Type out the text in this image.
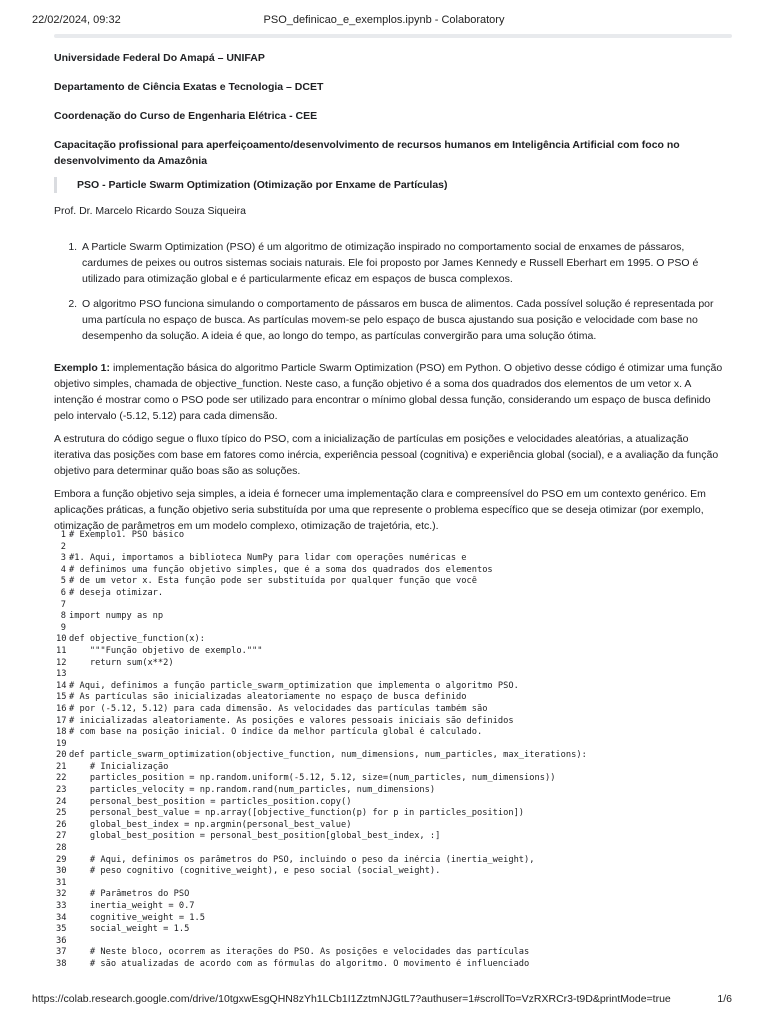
22/02/2024, 09:32	PSO_definicao_e_exemplos.ipynb - Colaboratory
Universidade Federal Do Amapá – UNIFAP
Departamento de Ciência Exatas e Tecnologia – DCET
Coordenação do Curso de Engenharia Elétrica - CEE
Capacitação profissional para aperfeiçoamento/desenvolvimento de recursos humanos em Inteligência Artificial com foco no desenvolvimento da Amazônia
PSO - Particle Swarm Optimization (Otimização por Enxame de Partículas)
Prof. Dr. Marcelo Ricardo Souza Siqueira
1. A Particle Swarm Optimization (PSO) é um algoritmo de otimização inspirado no comportamento social de enxames de pássaros, cardumes de peixes ou outros sistemas sociais naturais. Ele foi proposto por James Kennedy e Russell Eberhart em 1995. O PSO é utilizado para otimização global e é particularmente eficaz em espaços de busca complexos.
2. O algoritmo PSO funciona simulando o comportamento de pássaros em busca de alimentos. Cada possível solução é representada por uma partícula no espaço de busca. As partículas movem-se pelo espaço de busca ajustando sua posição e velocidade com base no desempenho da solução. A ideia é que, ao longo do tempo, as partículas convergirão para uma solução ótima.

Exemplo 1: implementação básica do algoritmo Particle Swarm Optimization (PSO) em Python. O objetivo desse código é otimizar uma função objetivo simples, chamada de objective_function. Neste caso, a função objetivo é a soma dos quadrados dos elementos de um vetor x. A intenção é mostrar como o PSO pode ser utilizado para encontrar o mínimo global dessa função, considerando um espaço de busca definido pelo intervalo (-5.12, 5.12) para cada dimensão.

A estrutura do código segue o fluxo típico do PSO, com a inicialização de partículas em posições e velocidades aleatórias, a atualização iterativa das posições com base em fatores como inércia, experiência pessoal (cognitiva) e experiência global (social), e a avaliação da função objetivo para determinar quão boas são as soluções.

Embora a função objetivo seja simples, a ideia é fornecer uma implementação clara e compreensível do PSO em um contexto genérico. Em aplicações práticas, a função objetivo seria substituída por uma que represente o problema específico que se deseja otimizar (por exemplo, otimização de parâmetros em um modelo complexo, otimização de trajetória, etc.).

1 # Exemplo1. PSO básico
2
3 #1. Aqui, importamos a biblioteca NumPy para lidar com operações numéricas e
4 # definimos uma função objetivo simples, que é a soma dos quadrados dos elementos
5 # de um vetor x. Esta função pode ser substituída por qualquer função que você
6 # deseja otimizar.
7
8 import numpy as np
9
10 def objective_function(x):
11 """Função objetivo de exemplo."""
12 return sum(x**2)
13
14 # Aqui, definimos a função particle_swarm_optimization que implementa o algoritmo PSO.
15 # As partículas são inicializadas aleatoriamente no espaço de busca definido
16 # por (-5.12, 5.12) para cada dimensão. As velocidades das partículas também são
17 # inicializadas aleatoriamente. As posições e valores pessoais iniciais são definidos
18 # com base na posição inicial. O índice da melhor partícula global é calculado.
19
20 def particle_swarm_optimization(objective_function, num_dimensions, num_particles, max_iterations):
21 # Inicialização
22 particles_position = np.random.uniform(-5.12, 5.12, size=(num_particles, num_dimensions))
23 particles_velocity = np.random.rand(num_particles, num_dimensions)
24 personal_best_position = particles_position.copy()
25 personal_best_value = np.array([objective_function(p) for p in particles_position])
26 global_best_index = np.argmin(personal_best_value)
27 global_best_position = personal_best_position[global_best_index, :]
28
29 # Aqui, definimos os parâmetros do PSO, incluindo o peso da inércia (inertia_weight),
30 # peso cognitivo (cognitive_weight), e peso social (social_weight).
31
32 # Parâmetros do PSO
33 inertia_weight = 0.7
34 cognitive_weight = 1.5
35 social_weight = 1.5
36
37 # Neste bloco, ocorrem as iterações do PSO. As posições e velocidades das partículas
38 # são atualizadas de acordo com as fórmulas do algoritmo. O movimento é influenciado
https://colab.research.google.com/drive/10tgxwEsgQHN8zYh1LCb1I1ZztmNJGtL7?authuser=1#scrollTo=VzRXRCr3-t9D&printMode=true	1/6
